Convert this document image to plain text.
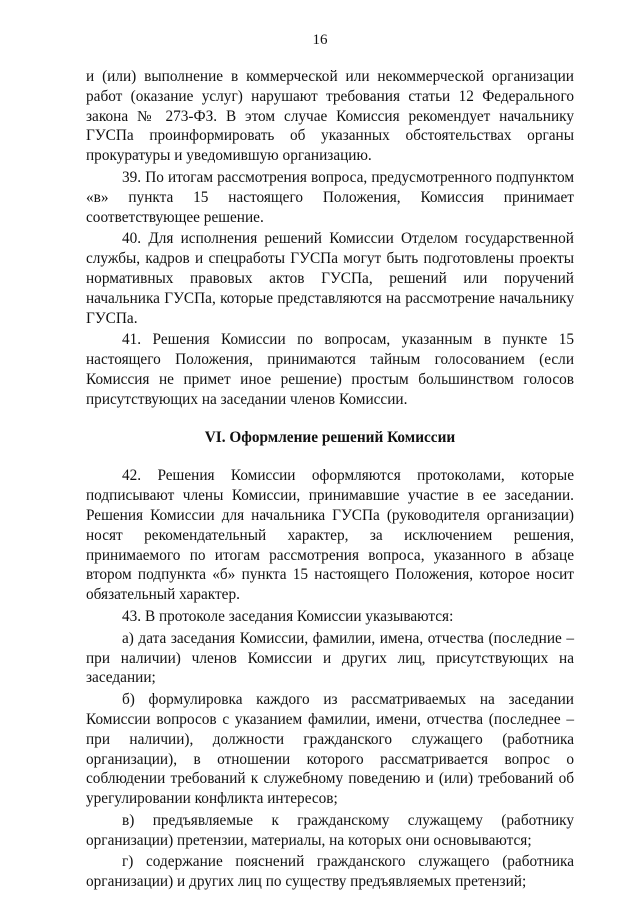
16

и (или) выполнение в коммерческой или некоммерческой организации работ (оказание услуг) нарушают требования статьи 12 Федерального закона № 273-ФЗ. В этом случае Комиссия рекомендует начальнику ГУСПа проинформировать об указанных обстоятельствах органы прокуратуры и уведомившую организацию.

39. По итогам рассмотрения вопроса, предусмотренного подпунктом «в» пункта 15 настоящего Положения, Комиссия принимает соответствующее решение.

40. Для исполнения решений Комиссии Отделом государственной службы, кадров и спецработы ГУСПа могут быть подготовлены проекты нормативных правовых актов ГУСПа, решений или поручений начальника ГУСПа, которые представляются на рассмотрение начальнику ГУСПа.

41. Решения Комиссии по вопросам, указанным в пункте 15 настоящего Положения, принимаются тайным голосованием (если Комиссия не примет иное решение) простым большинством голосов присутствующих на заседании членов Комиссии.

VI. Оформление решений Комиссии

42. Решения Комиссии оформляются протоколами, которые подписывают члены Комиссии, принимавшие участие в ее заседании. Решения Комиссии для начальника ГУСПа (руководителя организации) носят рекомендательный характер, за исключением решения, принимаемого по итогам рассмотрения вопроса, указанного в абзаце втором подпункта «б» пункта 15 настоящего Положения, которое носит обязательный характер.

43. В протоколе заседания Комиссии указываются:

а) дата заседания Комиссии, фамилии, имена, отчества (последние – при наличии) членов Комиссии и других лиц, присутствующих на заседании;

б) формулировка каждого из рассматриваемых на заседании Комиссии вопросов с указанием фамилии, имени, отчества (последнее – при наличии), должности гражданского служащего (работника организации), в отношении которого рассматривается вопрос о соблюдении требований к служебному поведению и (или) требований об урегулировании конфликта интересов;

в) предъявляемые к гражданскому служащему (работнику организации) претензии, материалы, на которых они основываются;

г) содержание пояснений гражданского служащего (работника организации) и других лиц по существу предъявляемых претензий;
